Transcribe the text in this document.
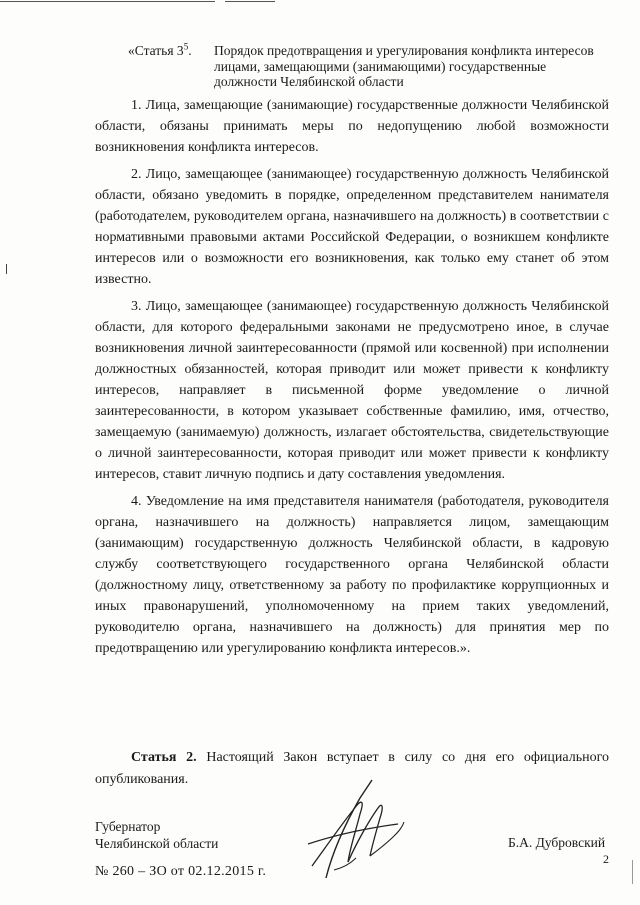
«Статья $3^5$. Порядок предотвращения и урегулирования конфликта интересов лицами, замещающими (занимающими) государственные должности Челябинской области

1. Лица, замещающие (занимающие) государственные должности Челябинской области, обязаны принимать меры по недопущению любой возможности возникновения конфликта интересов.

2. Лицо, замещающее (занимающее) государственную должность Челябинской области, обязано уведомить в порядке, определенном представителем нанимателя (работодателем, руководителем органа, назначившего на должность) в соответствии с нормативными правовыми актами Российской Федерации, о возникшем конфликте интересов или о возможности его возникновения, как только ему станет об этом известно.

3. Лицо, замещающее (занимающее) государственную должность Челябинской области, для которого федеральными законами не предусмотрено иное, в случае возникновения личной заинтересованности (прямой или косвенной) при исполнении должностных обязанностей, которая приводит или может привести к конфликту интересов, направляет в письменной форме уведомление о личной заинтересованности, в котором указывает собственные фамилию, имя, отчество, замещаемую (занимаемую) должность, излагает обстоятельства, свидетельствующие о личной заинтересованности, которая приводит или может привести к конфликту интересов, ставит личную подпись и дату составления уведомления.

4. Уведомление на имя представителя нанимателя (работодателя, руководителя органа, назначившего на должность) направляется лицом, замещающим (занимающим) государственную должность Челябинской области, в кадровую службу соответствующего государственного органа Челябинской области (должностному лицу, ответственному за работу по профилактике коррупционных и иных правонарушений, уполномоченному на прием таких уведомлений, руководителю органа, назначившего на должность) для принятия мер по предотвращению или урегулированию конфликта интересов.».

Статья 2. Настоящий Закон вступает в силу со дня его официального опубликования.
Губернатор
Челябинской области	Б.А. Дубровский
2
№ 260 – ЗО от 02.12.2015 г.
